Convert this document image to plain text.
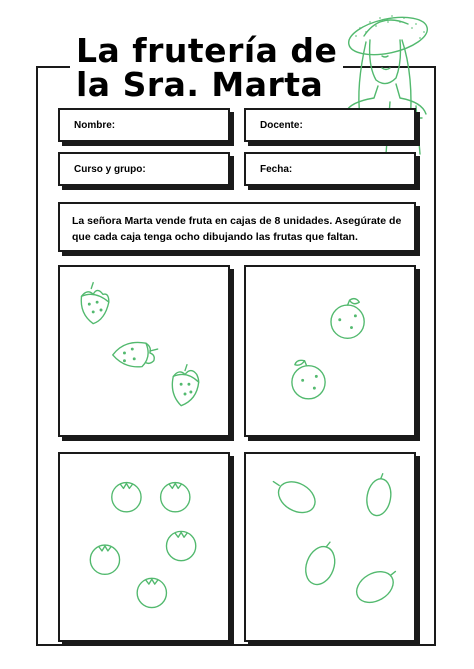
La frutería de
la Sra. Marta
Nombre:	Docente:
Curso y grupo:	Fecha:
La señora Marta vende fruta en cajas de 8 unidades. Asegúrate de que cada caja tenga ocho dibujando las frutas que faltan.
